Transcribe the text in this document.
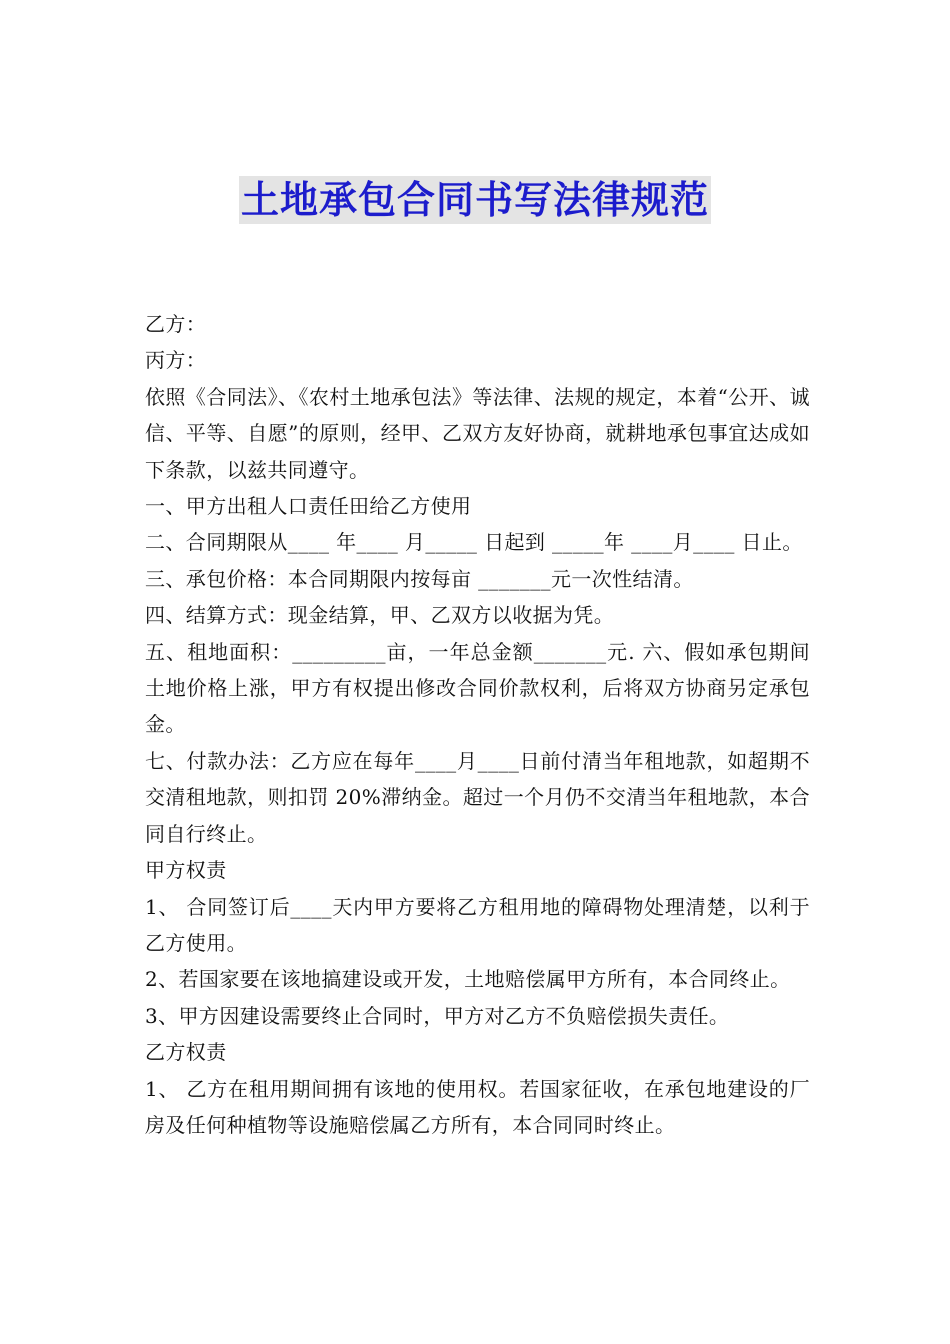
土地承包合同书写法律规范

乙方：

丙方：

依照《合同法》、《农村土地承包法》等法律、法规的规定，本着“公开、诚信、平等、自愿”的原则，经甲、乙双方友好协商，就耕地承包事宜达成如下条款，以兹共同遵守。

一、甲方出租人口责任田给乙方使用

二、合同期限从____ 年____ 月_____ 日起到 _____年 ____月____ 日止。

三、承包价格：本合同期限内按每亩 _______元一次性结清。

四、结算方式：现金结算，甲、乙双方以收据为凭。

五、租地面积：_________亩，一年总金额_______元. 六、假如承包期间土地价格上涨，甲方有权提出修改合同价款权利，后将双方协商另定承包金。

七、付款办法：乙方应在每年____月____日前付清当年租地款，如超期不交清租地款，则扣罚 20%滞纳金。超过一个月仍不交清当年租地款，本合同自行终止。

甲方权责

1、 合同签订后____天内甲方要将乙方租用地的障碍物处理清楚，以利于乙方使用。

2、若国家要在该地搞建设或开发，土地赔偿属甲方所有，本合同终止。

3、甲方因建设需要终止合同时，甲方对乙方不负赔偿损失责任。

乙方权责

1、 乙方在租用期间拥有该地的使用权。若国家征收，在承包地建设的厂房及任何种植物等设施赔偿属乙方所有，本合同同时终止。
